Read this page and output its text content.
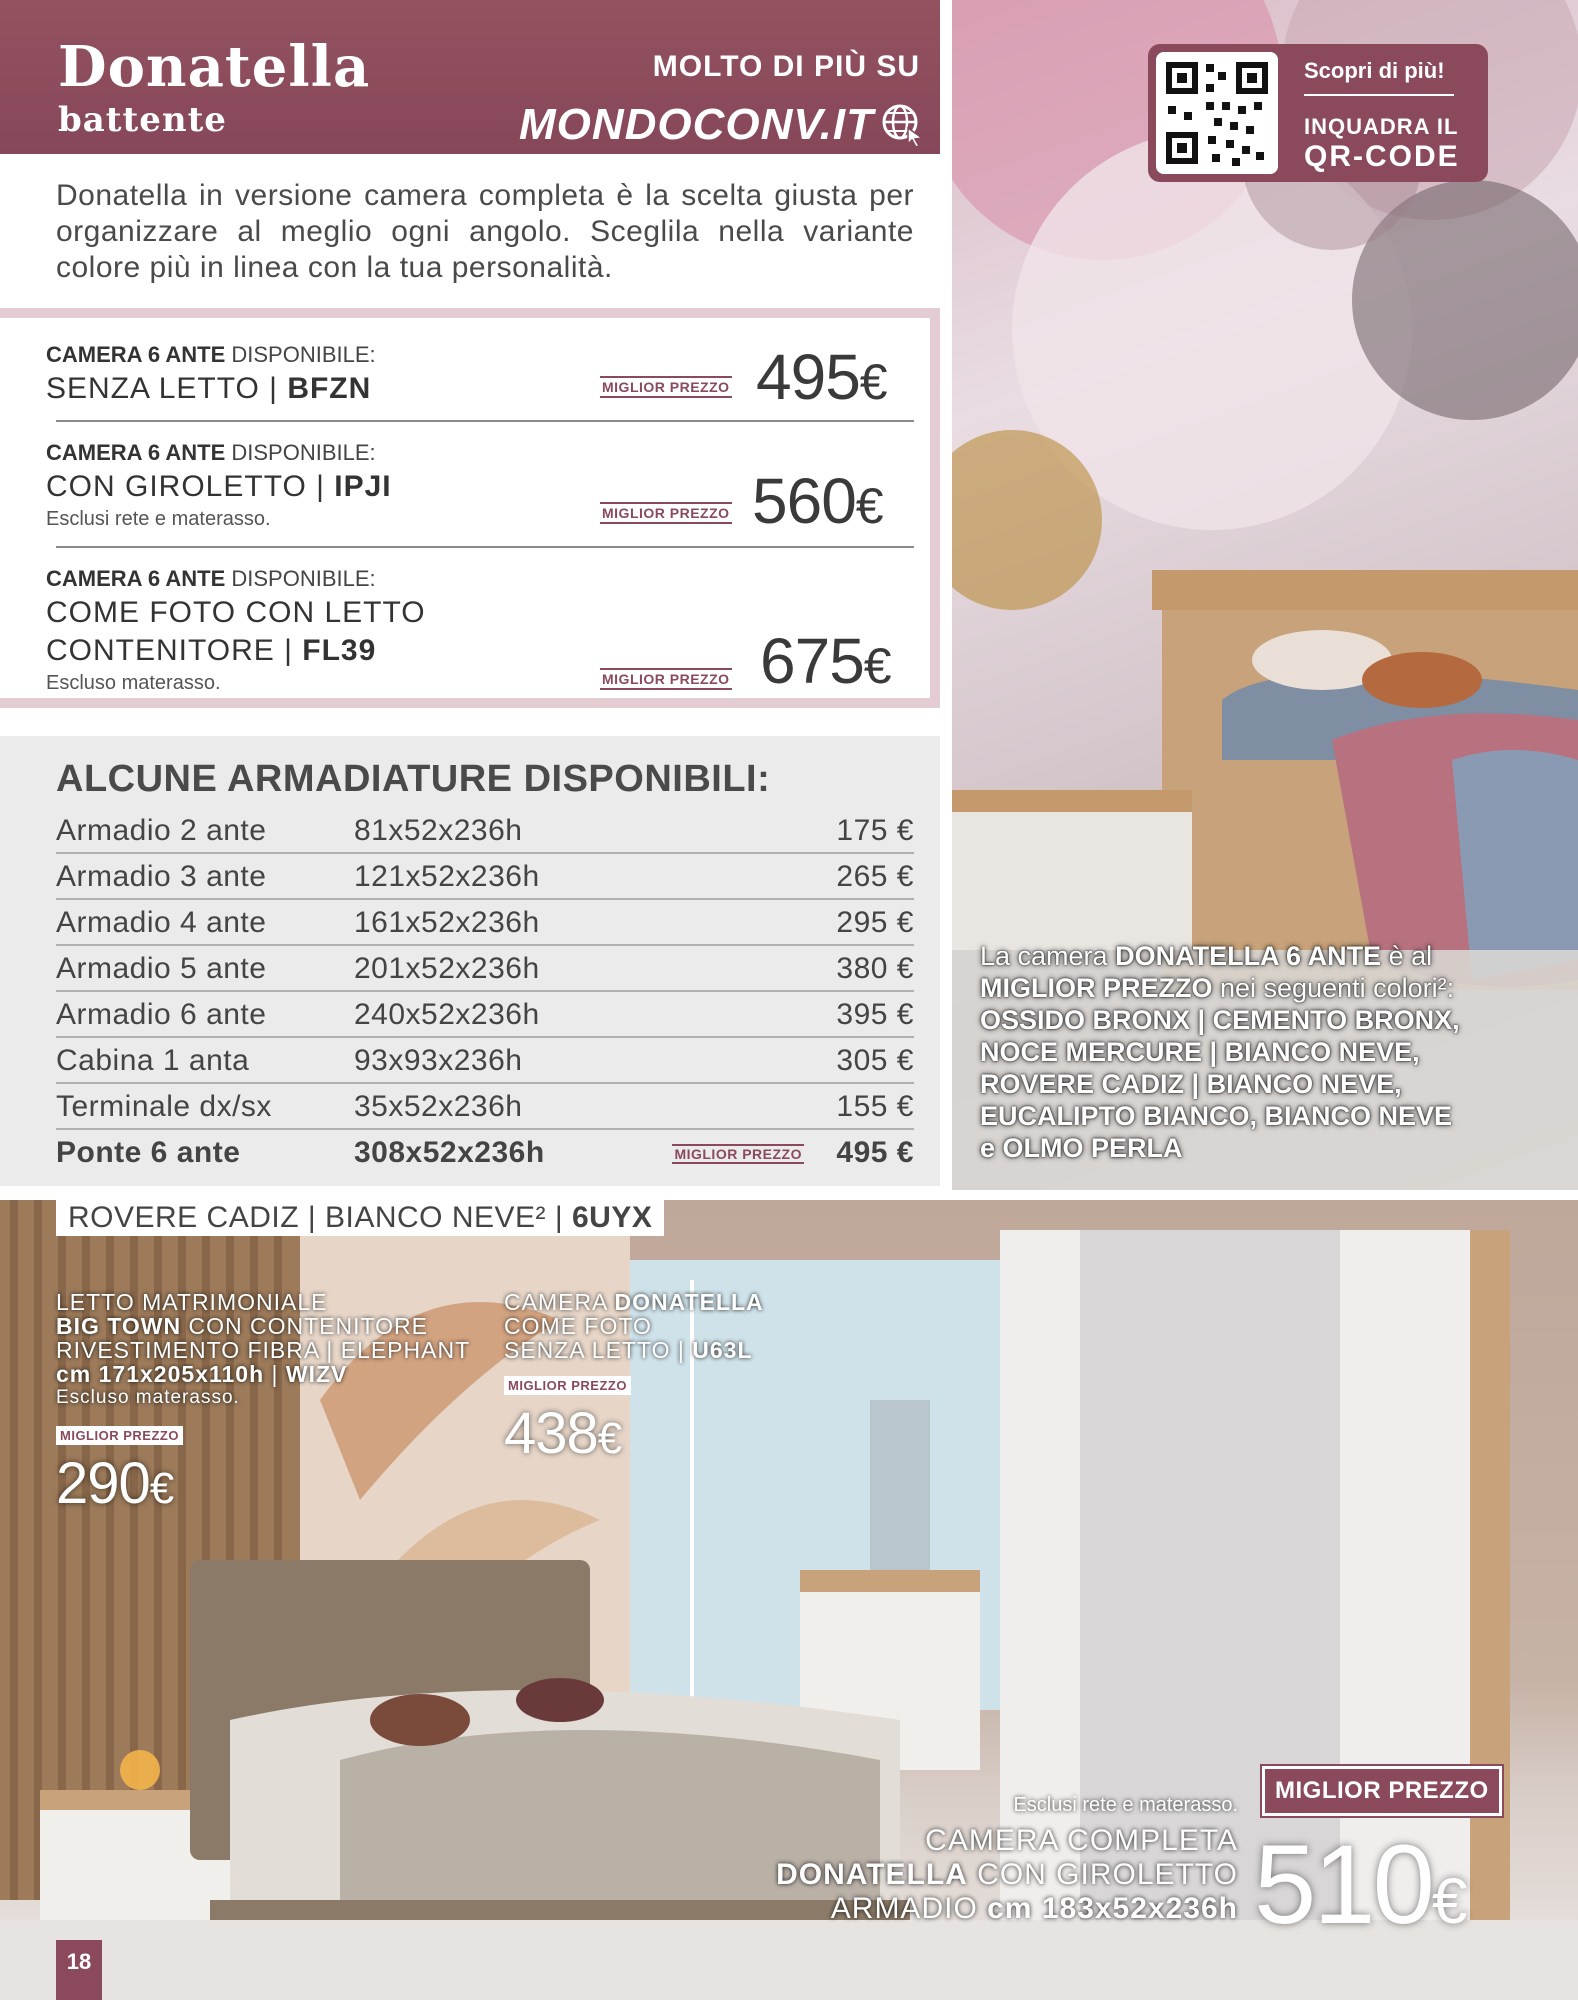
Donatella
battente
MOLTO DI PIÙ SU
MONDOCONV.IT
Donatella in versione camera completa è la scelta giusta per organizzare al meglio ogni angolo. Sceglila nella variante colore più in linea con la tua personalità.
CAMERA 6 ANTE DISPONIBILE:
SENZA LETTO | BFZN	MIGLIOR PREZZO 495€
CAMERA 6 ANTE DISPONIBILE:
CON GIROLETTO | IPJI
Esclusi rete e materasso.	MIGLIOR PREZZO 560€
CAMERA 6 ANTE DISPONIBILE:
COME FOTO CON LETTO
CONTENITORE | FL39
Escluso materasso.	MIGLIOR PREZZO 675€
ALCUNE ARMADIATURE DISPONIBILI:
Armadio 2 ante	81x52x236h	175 €
Armadio 3 ante	121x52x236h	265 €
Armadio 4 ante	161x52x236h	295 €
Armadio 5 ante	201x52x236h	380 €
Armadio 6 ante	240x52x236h	395 €
Cabina 1 anta	93x93x236h	305 €
Terminale dx/sx	35x52x236h	155 €
Ponte 6 ante	308x52x236h	MIGLIOR PREZZO 495 €
Scopri di più!
INQUADRA IL
QR-CODE
La camera DONATELLA 6 ANTE è al
MIGLIOR PREZZO nei seguenti colori²:
OSSIDO BRONX | CEMENTO BRONX,
NOCE MERCURE | BIANCO NEVE,
ROVERE CADIZ | BIANCO NEVE,
EUCALIPTO BIANCO, BIANCO NEVE
e OLMO PERLA
ROVERE CADIZ | BIANCO NEVE² | 6UYX
LETTO MATRIMONIALE
BIG TOWN CON CONTENITORE
RIVESTIMENTO FIBRA | ELEPHANT
cm 171x205x110h | WIZV
Escluso materasso.
MIGLIOR PREZZO
290€
CAMERA DONATELLA
COME FOTO
SENZA LETTO | U63L
MIGLIOR PREZZO
438€
Esclusi rete e materasso.
CAMERA COMPLETA
DONATELLA CON GIROLETTO
ARMADIO cm 183x52x236h
MIGLIOR PREZZO
510€
18
